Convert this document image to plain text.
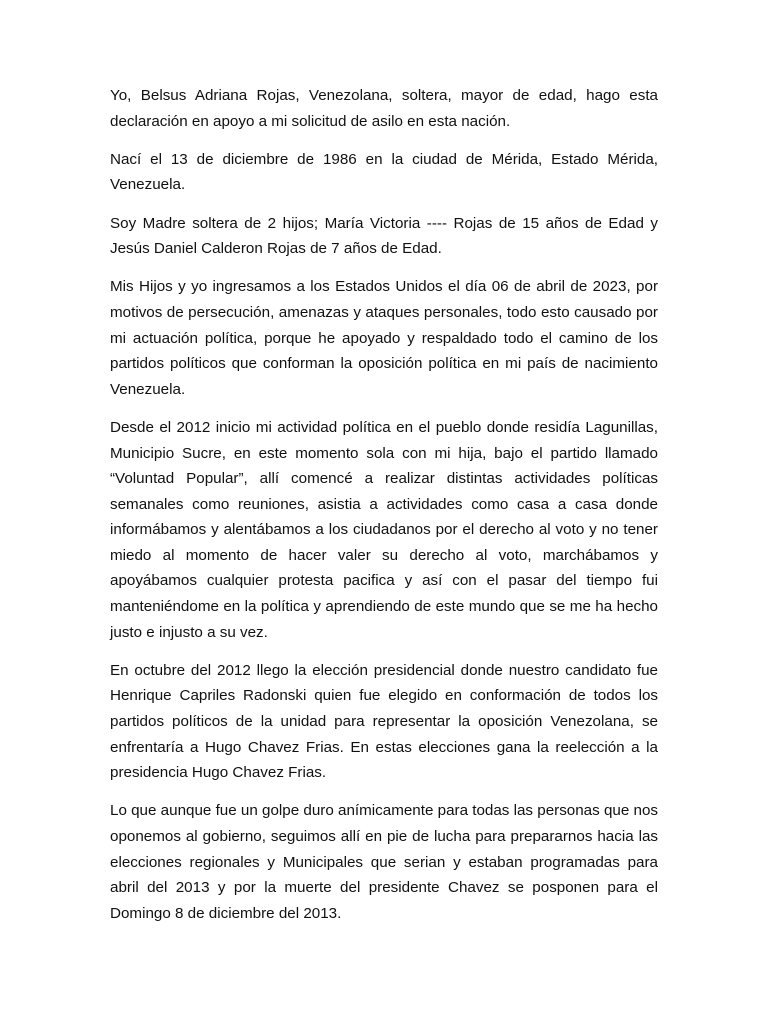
Yo, Belsus Adriana Rojas, Venezolana, soltera, mayor de edad, hago esta declaración en apoyo a mi solicitud de asilo en esta nación.

Nací el 13 de diciembre de 1986 en la ciudad de Mérida, Estado Mérida, Venezuela.

Soy Madre soltera de 2 hijos; María Victoria ---- Rojas de 15 años de Edad y Jesús Daniel Calderon Rojas de 7 años de Edad.

Mis Hijos y yo ingresamos a los Estados Unidos el día 06 de abril de 2023, por motivos de persecución, amenazas y ataques personales, todo esto causado por mi actuación política, porque he apoyado y respaldado todo el camino de los partidos políticos que conforman la oposición política en mi país de nacimiento Venezuela.

Desde el 2012 inicio mi actividad política en el pueblo donde residía Lagunillas, Municipio Sucre, en este momento sola con mi hija, bajo el partido llamado “Voluntad Popular”, allí comencé a realizar distintas actividades políticas semanales como reuniones, asistia a actividades como casa a casa donde informábamos y alentábamos a los ciudadanos por el derecho al voto y no tener miedo al momento de hacer valer su derecho al voto, marchábamos y apoyábamos cualquier protesta pacifica y así con el pasar del tiempo fui manteniéndome en la política y aprendiendo de este mundo que se me ha hecho justo e injusto a su vez.

En octubre del 2012 llego la elección presidencial donde nuestro candidato fue Henrique Capriles Radonski quien fue elegido en conformación de todos los partidos políticos de la unidad para representar la oposición Venezolana, se enfrentaría a Hugo Chavez Frias. En estas elecciones gana la reelección a la presidencia Hugo Chavez Frias.

Lo que aunque fue un golpe duro anímicamente para todas las personas que nos oponemos al gobierno, seguimos allí en pie de lucha para prepararnos hacia las elecciones regionales y Municipales que serian y estaban programadas para abril del 2013 y por la muerte del presidente Chavez se posponen para el Domingo 8 de diciembre del 2013.
